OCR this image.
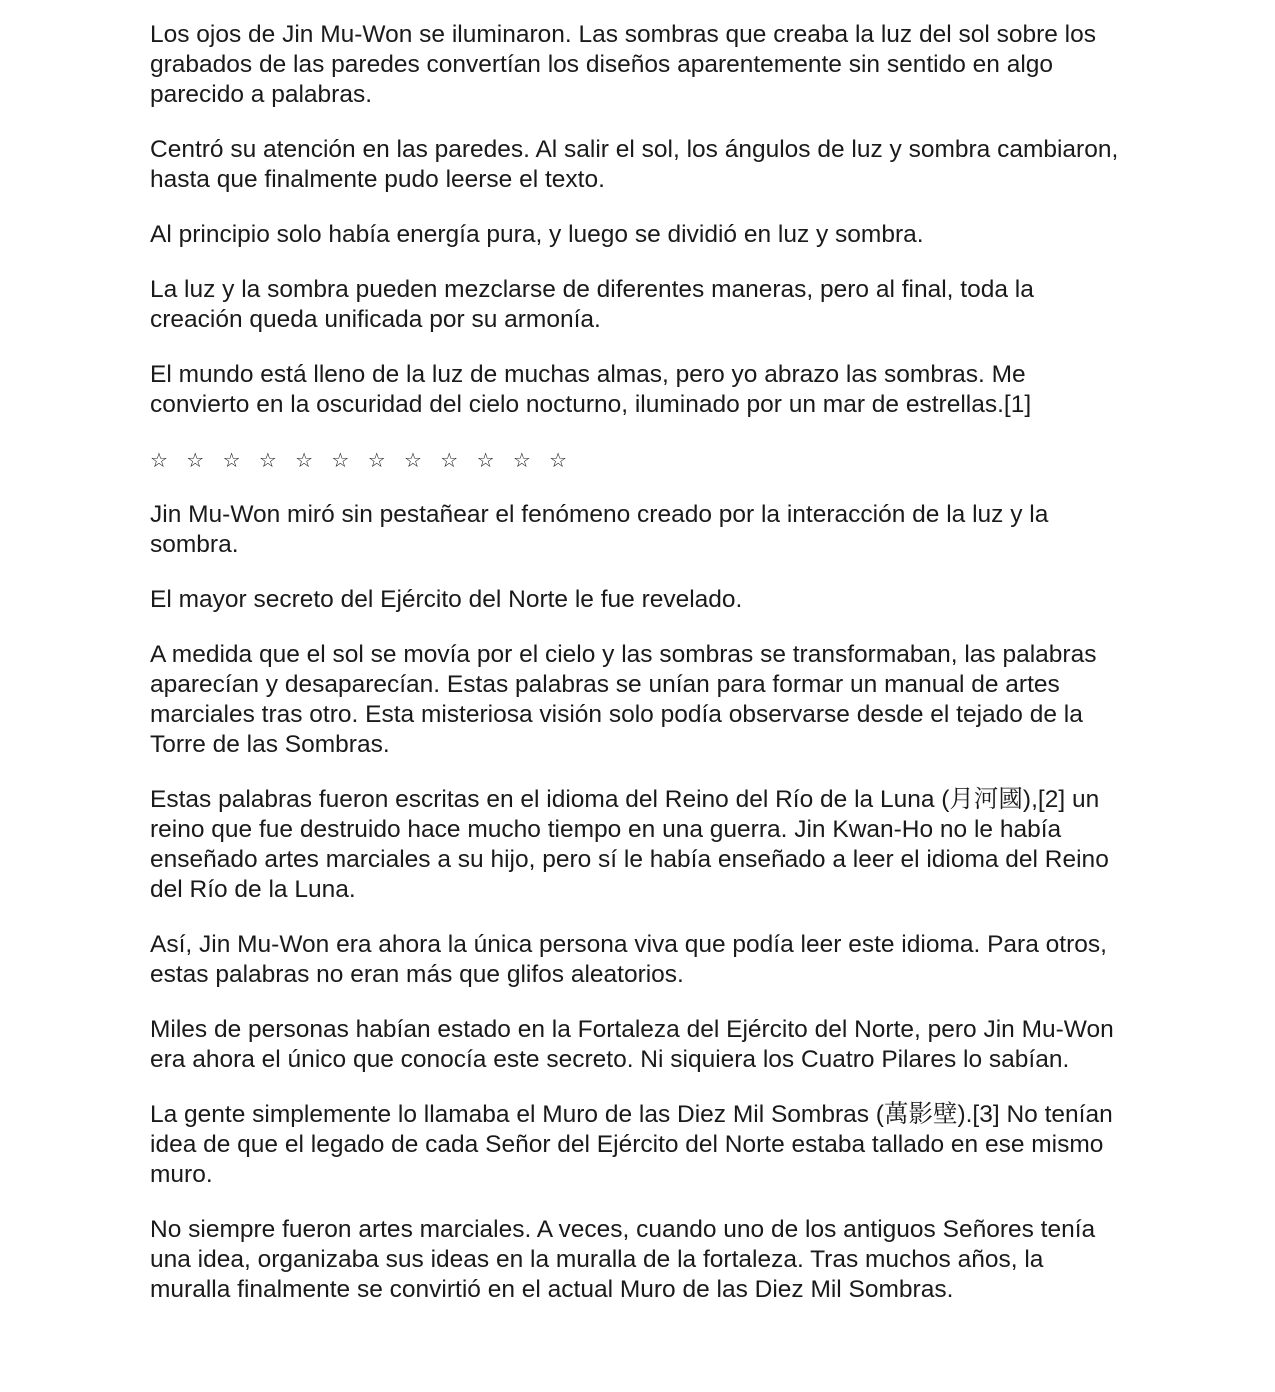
Los ojos de Jin Mu-Won se iluminaron. Las sombras que creaba la luz del sol sobre los grabados de las paredes convertían los diseños aparentemente sin sentido en algo parecido a palabras.

Centró su atención en las paredes. Al salir el sol, los ángulos de luz y sombra cambiaron, hasta que finalmente pudo leerse el texto.

Al principio solo había energía pura, y luego se dividió en luz y sombra.

La luz y la sombra pueden mezclarse de diferentes maneras, pero al final, toda la creación queda unificada por su armonía.

El mundo está lleno de la luz de muchas almas, pero yo abrazo las sombras. Me convierto en la oscuridad del cielo nocturno, iluminado por un mar de estrellas.[1]

☆ ☆ ☆ ☆ ☆ ☆ ☆ ☆ ☆ ☆ ☆ ☆

Jin Mu-Won miró sin pestañear el fenómeno creado por la interacción de la luz y la sombra.

El mayor secreto del Ejército del Norte le fue revelado.

A medida que el sol se movía por el cielo y las sombras se transformaban, las palabras aparecían y desaparecían. Estas palabras se unían para formar un manual de artes marciales tras otro. Esta misteriosa visión solo podía observarse desde el tejado de la Torre de las Sombras.

Estas palabras fueron escritas en el idioma del Reino del Río de la Luna (月河國),[2] un reino que fue destruido hace mucho tiempo en una guerra. Jin Kwan-Ho no le había enseñado artes marciales a su hijo, pero sí le había enseñado a leer el idioma del Reino del Río de la Luna.

Así, Jin Mu-Won era ahora la única persona viva que podía leer este idioma. Para otros, estas palabras no eran más que glifos aleatorios.

Miles de personas habían estado en la Fortaleza del Ejército del Norte, pero Jin Mu-Won era ahora el único que conocía este secreto. Ni siquiera los Cuatro Pilares lo sabían.

La gente simplemente lo llamaba el Muro de las Diez Mil Sombras (萬影壁).[3] No tenían idea de que el legado de cada Señor del Ejército del Norte estaba tallado en ese mismo muro.

No siempre fueron artes marciales. A veces, cuando uno de los antiguos Señores tenía una idea, organizaba sus ideas en la muralla de la fortaleza. Tras muchos años, la muralla finalmente se convirtió en el actual Muro de las Diez Mil Sombras.
